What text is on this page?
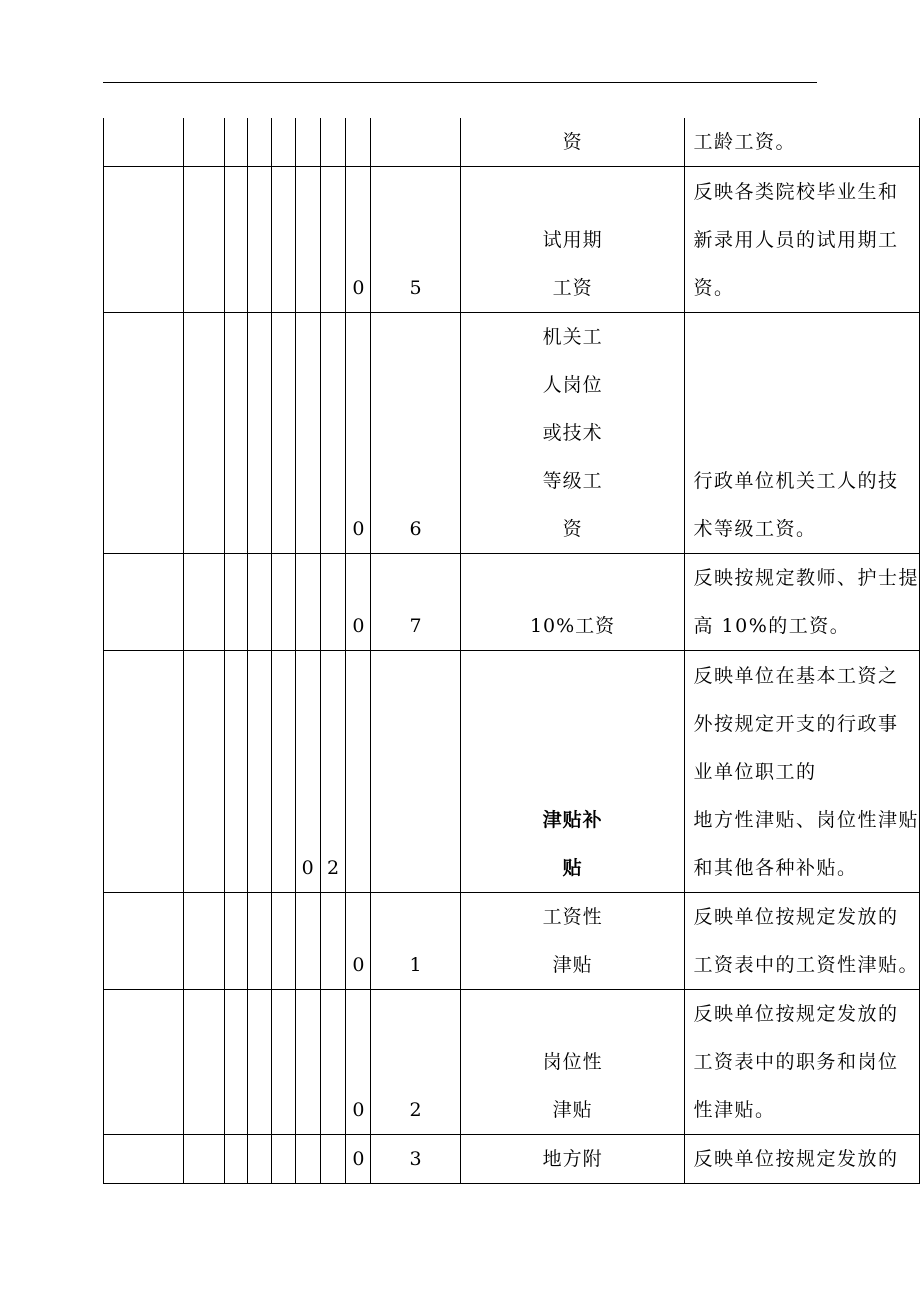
									资	工龄工资。

							0	5	试用期
工资	反映各类院校毕业生和
新录用人员的试用期工
资。

							0	6	机关工
人岗位
或技术
等级工
资	行政单位机关工人的技
术等级工资。

							0	7	10%工资	反映按规定教师、护士提
高 10%的工资。

					0	2			津贴补
贴	反映单位在基本工资之
外按规定开支的行政事
业单位职工的
地方性津贴、岗位性津贴
和其他各种补贴。

							0	1	工资性
津贴	反映单位按规定发放的
工资表中的工资性津贴。

							0	2	岗位性
津贴	反映单位按规定发放的
工资表中的职务和岗位
性津贴。

							0	3	地方附	反映单位按规定发放的
